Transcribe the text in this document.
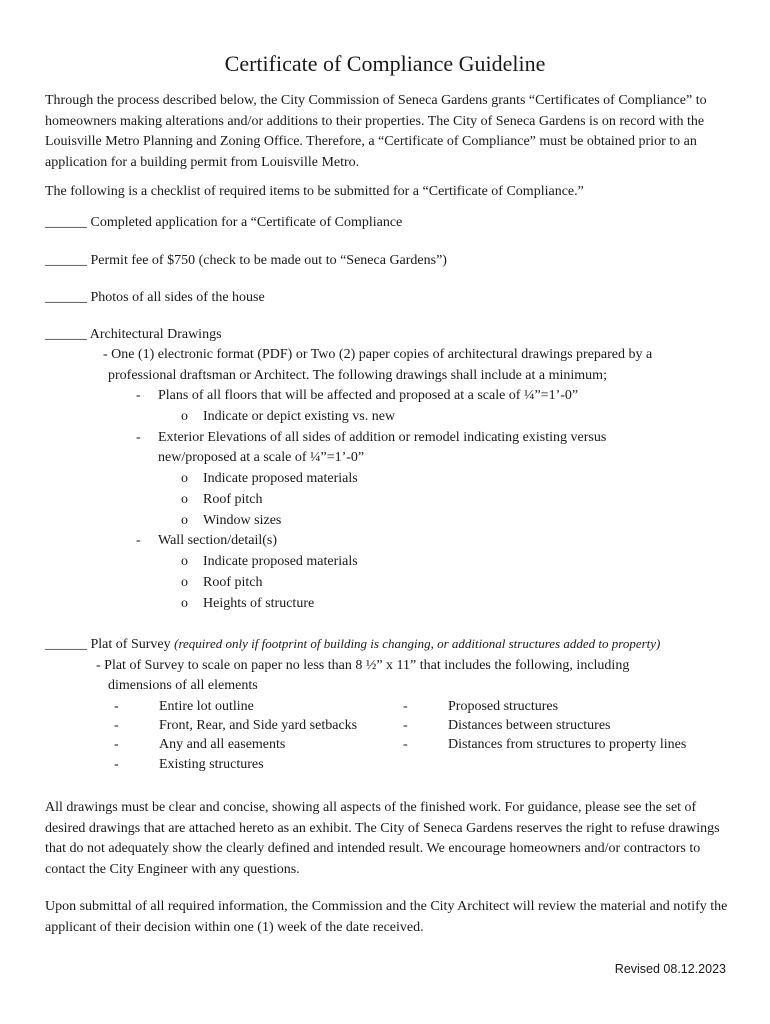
Certificate of Compliance Guideline
Through the process described below, the City Commission of Seneca Gardens grants “Certificates of Compliance” to homeowners making alterations and/or additions to their properties. The City of Seneca Gardens is on record with the Louisville Metro Planning and Zoning Office. Therefore, a “Certificate of Compliance” must be obtained prior to an application for a building permit from Louisville Metro.
The following is a checklist of required items to be submitted for a “Certificate of Compliance.”
______ Completed application for a “Certificate of Compliance
______ Permit fee of $750 (check to be made out to “Seneca Gardens”)
______ Photos of all sides of the house
______ Architectural Drawings
- One (1) electronic format (PDF) or Two (2) paper copies of architectural drawings prepared by a
professional draftsman or Architect. The following drawings shall include at a minimum;
- Plans of all floors that will be affected and proposed at a scale of ¼”=1’-0”
o Indicate or depict existing vs. new
- Exterior Elevations of all sides of addition or remodel indicating existing versus
new/proposed at a scale of ¼”=1’-0”
o Indicate proposed materials
o Roof pitch
o Window sizes
- Wall section/detail(s)
o Indicate proposed materials
o Roof pitch
o Heights of structure
______ Plat of Survey (required only if footprint of building is changing, or additional structures added to property)
- Plat of Survey to scale on paper no less than 8 ½” x 11” that includes the following, including
dimensions of all elements
-	Entire lot outline
-	Front, Rear, and Side yard setbacks
-	Any and all easements
-	Existing structures
-	Proposed structures
-	Distances between structures
-	Distances from structures to property lines
All drawings must be clear and concise, showing all aspects of the finished work. For guidance, please see the set of desired drawings that are attached hereto as an exhibit. The City of Seneca Gardens reserves the right to refuse drawings that do not adequately show the clearly defined and intended result. We encourage homeowners and/or contractors to contact the City Engineer with any questions.
Upon submittal of all required information, the Commission and the City Architect will review the material and notify the applicant of their decision within one (1) week of the date received.
Revised 08.12.2023
